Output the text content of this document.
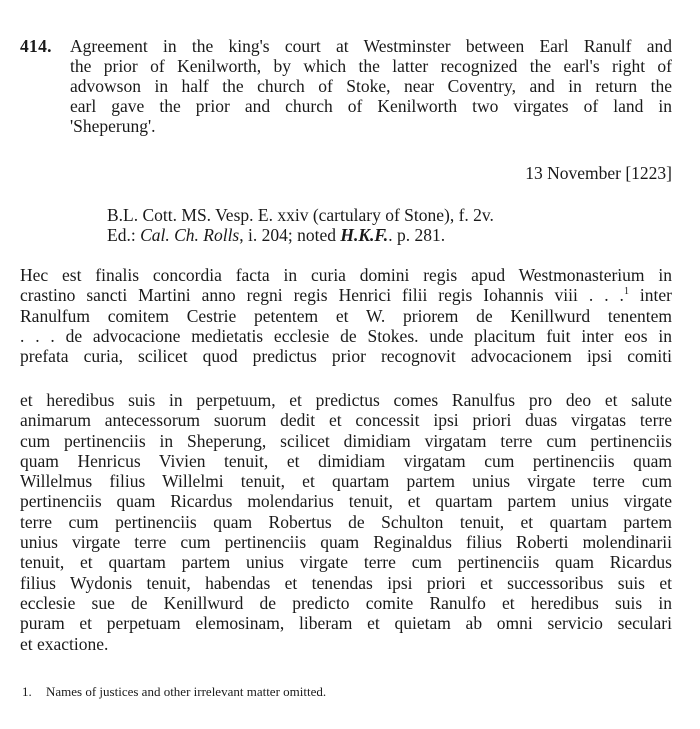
414.	Agreement in the king's court at Westminster between Earl Ranulf and
the prior of Kenilworth, by which the latter recognized the earl's right of
advowson in half the church of Stoke, near Coventry, and in return the
earl gave the prior and church of Kenilworth two virgates of land in
'Sheperung'.
13 November [1223]
B.L. Cott. MS. Vesp. E. xxiv (cartulary of Stone), f. 2v.
Ed.: Cal. Ch. Rolls, i. 204; noted H.K.F.. p. 281.
Hec est finalis concordia facta in curia domini regis apud Westmonasterium in
crastino sancti Martini anno regni regis Henrici filii regis Iohannis viii . . .$^1$ inter
Ranulfum comitem Cestrie petentem et W. priorem de Kenillwurd tenentem
. . . de advocacione medietatis ecclesie de Stokes. unde placitum fuit inter eos in
prefata curia, scilicet quod predictus prior recognovit advocacionem ipsi comiti
et heredibus suis in perpetuum, et predictus comes Ranulfus pro deo et salute
animarum antecessorum suorum dedit et concessit ipsi priori duas virgatas terre
cum pertinenciis in Sheperung, scilicet dimidiam virgatam terre cum pertinenciis
quam Henricus Vivien tenuit, et dimidiam virgatam cum pertinenciis quam
Willelmus filius Willelmi tenuit, et quartam partem unius virgate terre cum
pertinenciis quam Ricardus molendarius tenuit, et quartam partem unius virgate
terre cum pertinenciis quam Robertus de Schulton tenuit, et quartam partem
unius virgate terre cum pertinenciis quam Reginaldus filius Roberti molendinarii
tenuit, et quartam partem unius virgate terre cum pertinenciis quam Ricardus
filius Wydonis tenuit, habendas et tenendas ipsi priori et successoribus suis et
ecclesie sue de Kenillwurd de predicto comite Ranulfo et heredibus suis in
puram et perpetuam elemosinam, liberam et quietam ab omni servicio seculari
et exactione.
1. Names of justices and other irrelevant matter omitted.
